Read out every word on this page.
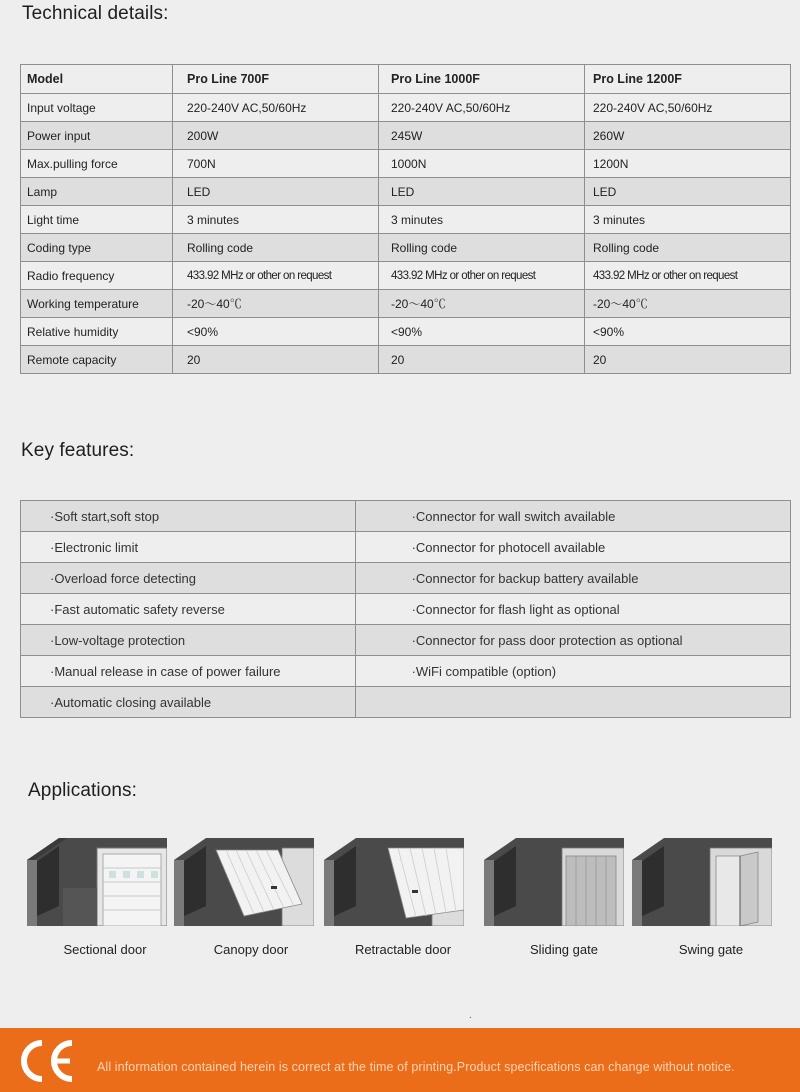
Technical details:
Model	Pro Line 700F	Pro Line 1000F	Pro Line 1200F
Input voltage	220-240V AC,50/60Hz	220-240V AC,50/60Hz	220-240V AC,50/60Hz
Power input	200W	245W	260W
Max.pulling force	700N	1000N	1200N
Lamp	LED	LED	LED
Light time	3 minutes	3 minutes	3 minutes
Coding type	Rolling code	Rolling code	Rolling code
Radio frequency	433.92 MHz or other on request	433.92 MHz or other on request	433.92 MHz or other on request
Working temperature	-20～40℃	-20～40℃	-20～40℃
Relative humidity	<90%	<90%	<90%
Remote capacity	20	20	20
Key features:
·Soft start,soft stop	·Connector for wall switch available
·Electronic limit	·Connector for photocell available
·Overload force detecting	·Connector for backup battery available
·Fast automatic safety reverse	·Connector for flash light as optional
·Low-voltage protection	·Connector for pass door protection as optional
·Manual release in case of power failure	·WiFi compatible (option)
·Automatic closing available	
Applications:
Sectional door	Canopy door	Retractable door	Sliding gate	Swing gate
.
All information contained herein is correct at the time of printing.Product specifications can change without notice.
